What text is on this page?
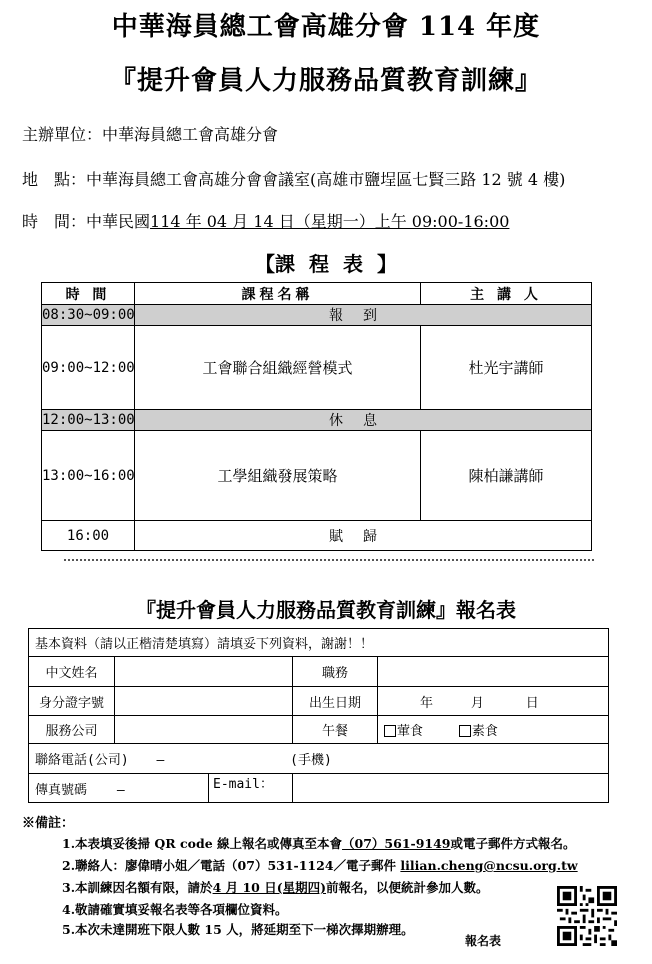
中華海員總工會高雄分會 114 年度
『提升會員人力服務品質教育訓練』
主辦單位：中華海員總工會高雄分會
地　點：中華海員總工會高雄分會會議室(高雄市鹽埕區七賢三路 12 號 4 樓)
時　間：中華民國114 年 04 月 14 日（星期一）上午 09:00-16:00
【課程表】
時 間	課程名稱	主 講 人
08:30~09:00	報到	
09:00~12:00	工會聯合組織經營模式	杜光宇講師
12:00~13:00	休息	
13:00~16:00	工學組織發展策略	陳柏謙講師
16:00	賦歸	
『提升會員人力服務品質教育訓練』報名表
基本資料（請以正楷清楚填寫）請填妥下列資料，謝謝！！			
中文姓名		職務	
身分證字號		出生日期	年 月 日
服務公司		午餐	葷食 素食
聯絡電話(公司) — (手機)			

傳真號碼 — E-mail：			

※備註：
1.本表填妥後掃 QR code 線上報名或傳真至本會（07）561-9149或電子郵件方式報名。
2.聯絡人：廖偉晴小姐／電話（07）531-1124／電子郵件 lilian.cheng@ncsu.org.tw
3.本訓練因名額有限，請於4 月 10 日(星期四)前報名，以便統計參加人數。
4.敬請確實填妥報名表等各項欄位資料。
5.本次未達開班下限人數 15 人，將延期至下一梯次擇期辦理。
報名表
